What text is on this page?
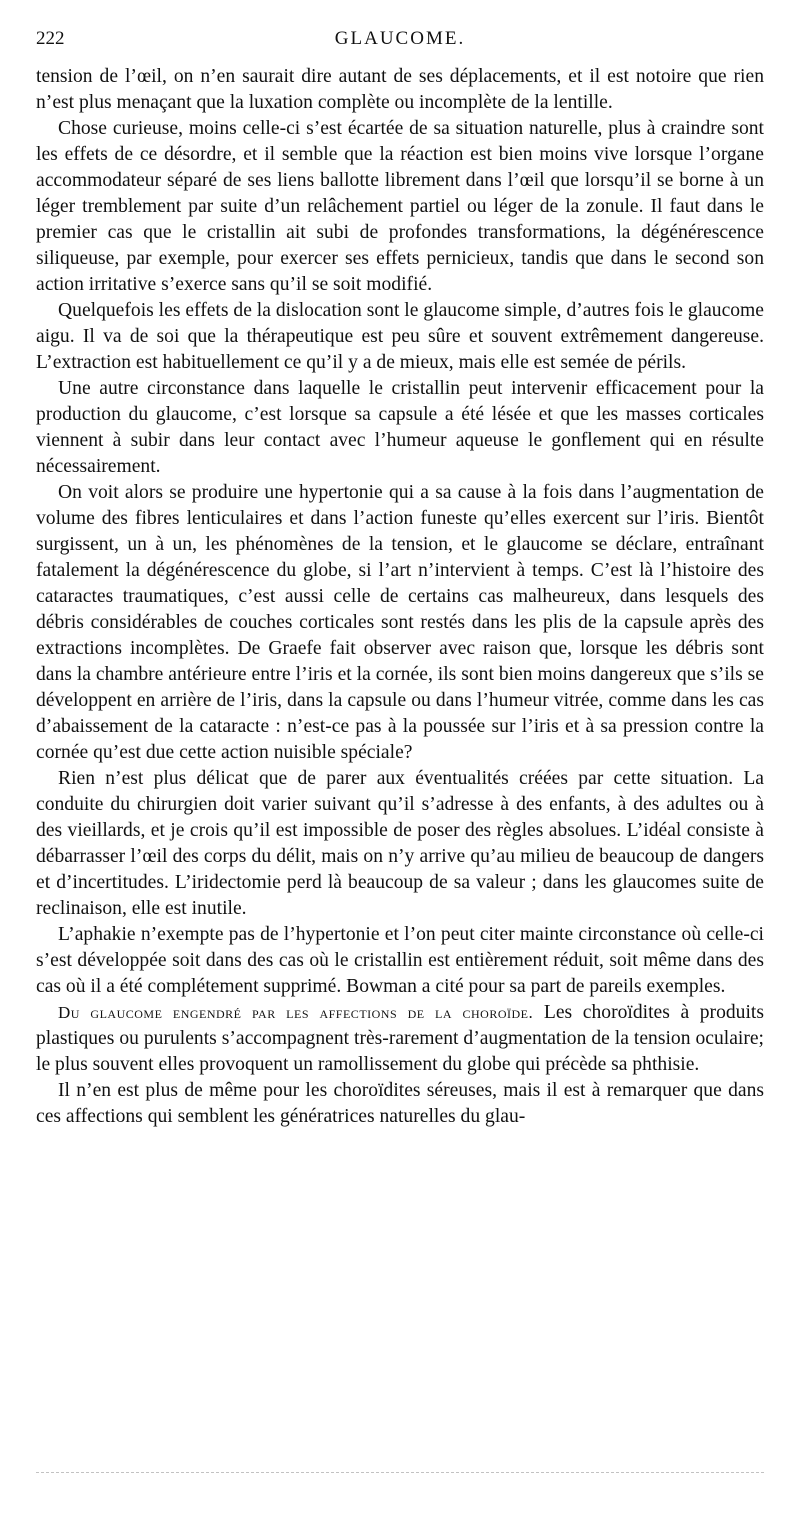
222	GLAUCOME.

tension de l’œil, on n’en saurait dire autant de ses déplacements, et il est notoire que rien n’est plus menaçant que la luxation complète ou incomplète de la lentille.

Chose curieuse, moins celle-ci s’est écartée de sa situation naturelle, plus à craindre sont les effets de ce désordre, et il semble que la réaction est bien moins vive lorsque l’organe accommodateur séparé de ses liens ballotte librement dans l’œil que lorsqu’il se borne à un léger tremblement par suite d’un relâchement partiel ou léger de la zonule. Il faut dans le premier cas que le cristallin ait subi de profondes transformations, la dégénérescence siliqueuse, par exemple, pour exercer ses effets pernicieux, tandis que dans le second son action irritative s’exerce sans qu’il se soit modifié.

Quelquefois les effets de la dislocation sont le glaucome simple, d’autres fois le glaucome aigu. Il va de soi que la thérapeutique est peu sûre et souvent extrêmement dangereuse. L’extraction est habituellement ce qu’il y a de mieux, mais elle est semée de périls.

Une autre circonstance dans laquelle le cristallin peut intervenir efficacement pour la production du glaucome, c’est lorsque sa capsule a été lésée et que les masses corticales viennent à subir dans leur contact avec l’humeur aqueuse le gonflement qui en résulte nécessairement.

On voit alors se produire une hypertonie qui a sa cause à la fois dans l’augmentation de volume des fibres lenticulaires et dans l’action funeste qu’elles exercent sur l’iris. Bientôt surgissent, un à un, les phénomènes de la tension, et le glaucome se déclare, entraînant fatalement la dégénérescence du globe, si l’art n’intervient à temps. C’est là l’histoire des cataractes traumatiques, c’est aussi celle de certains cas malheureux, dans lesquels des débris considérables de couches corticales sont restés dans les plis de la capsule après des extractions incomplètes. De Graefe fait observer avec raison que, lorsque les débris sont dans la chambre antérieure entre l’iris et la cornée, ils sont bien moins dangereux que s’ils se développent en arrière de l’iris, dans la capsule ou dans l’humeur vitrée, comme dans les cas d’abaissement de la cataracte : n’est-ce pas à la poussée sur l’iris et à sa pression contre la cornée qu’est due cette action nuisible spéciale?

Rien n’est plus délicat que de parer aux éventualités créées par cette situation. La conduite du chirurgien doit varier suivant qu’il s’adresse à des enfants, à des adultes ou à des vieillards, et je crois qu’il est impossible de poser des règles absolues. L’idéal consiste à débarrasser l’œil des corps du délit, mais on n’y arrive qu’au milieu de beaucoup de dangers et d’incertitudes. L’iridectomie perd là beaucoup de sa valeur ; dans les glaucomes suite de reclinaison, elle est inutile.

L’aphakie n’exempte pas de l’hypertonie et l’on peut citer mainte circonstance où celle-ci s’est développée soit dans des cas où le cristallin est entièrement réduit, soit même dans des cas où il a été complétement supprimé. Bowman a cité pour sa part de pareils exemples.

Du glaucome engendré par les affections de la choroïde. Les choroïdites à produits plastiques ou purulents s’accompagnent très-rarement d’augmentation de la tension oculaire; le plus souvent elles provoquent un ramollissement du globe qui précède sa phthisie.

Il n’en est plus de même pour les choroïdites séreuses, mais il est à remarquer que dans ces affections qui semblent les génératrices naturelles du glau-
